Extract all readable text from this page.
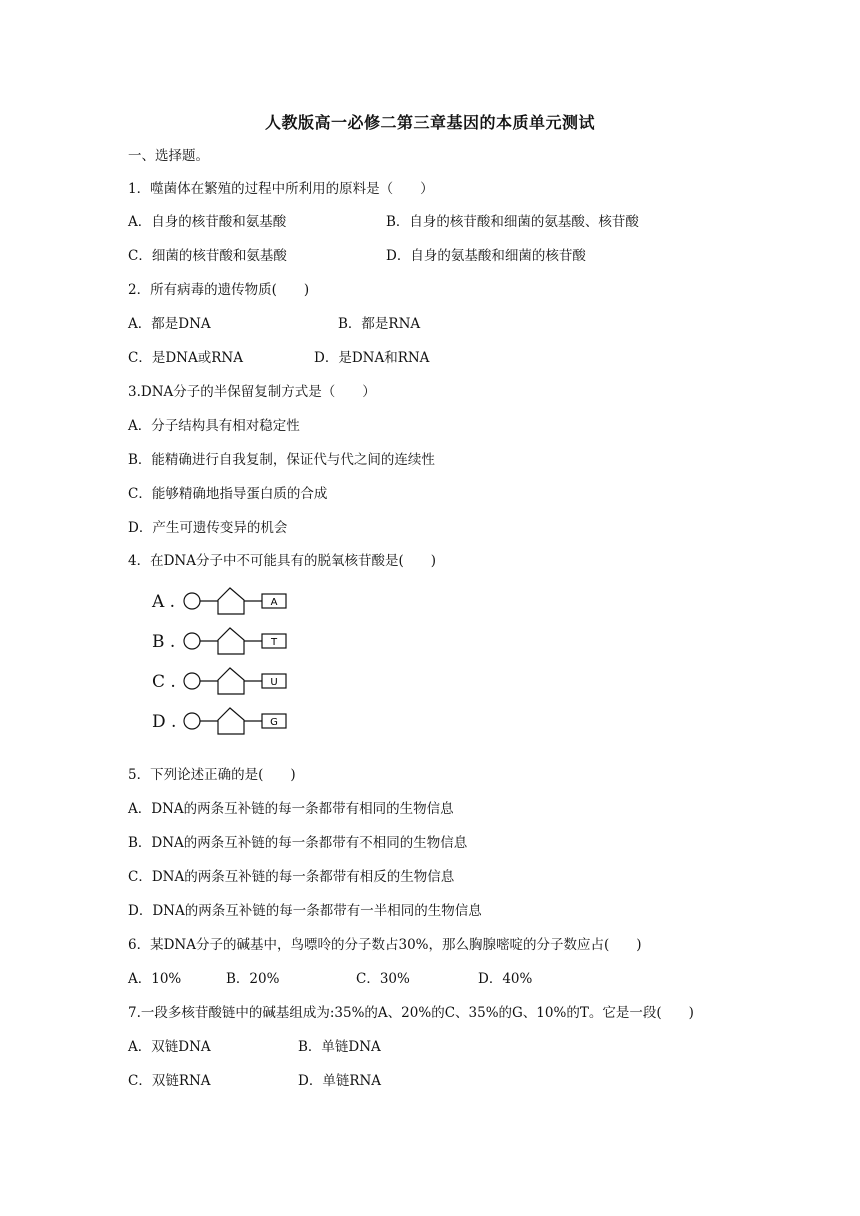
人教版高一必修二第三章基因的本质单元测试
一、选择题。
1．噬菌体在繁殖的过程中所利用的原料是（　　）
A．自身的核苷酸和氨基酸	B．自身的核苷酸和细菌的氨基酸、核苷酸
C．细菌的核苷酸和氨基酸	D．自身的氨基酸和细菌的核苷酸
2．所有病毒的遗传物质(　　)
A．都是DNA	B．都是RNA
C．是DNA或RNA	D．是DNA和RNA
3.DNA分子的半保留复制方式是（　　）
A．分子结构具有相对稳定性
B．能精确进行自我复制，保证代与代之间的连续性
C．能够精确地指导蛋白质的合成
D．产生可遗传变异的机会
4．在DNA分子中不可能具有的脱氧核苷酸是(　　)
A .	A
B .	T
C .	U
D .	G
5．下列论述正确的是(　　)
A．DNA的两条互补链的每一条都带有相同的生物信息
B．DNA的两条互补链的每一条都带有不相同的生物信息
C．DNA的两条互补链的每一条都带有相反的生物信息
D．DNA的两条互补链的每一条都带有一半相同的生物信息
6．某DNA分子的碱基中，鸟嘌呤的分子数占30%，那么胸腺嘧啶的分子数应占(　　)
A．10%	B．20%	C．30%	D．40%
7.一段多核苷酸链中的碱基组成为:35%的A、20%的C、35%的G、10%的T。它是一段(　　)
A．双链DNA	B．单链DNA
C．双链RNA	D．单链RNA
